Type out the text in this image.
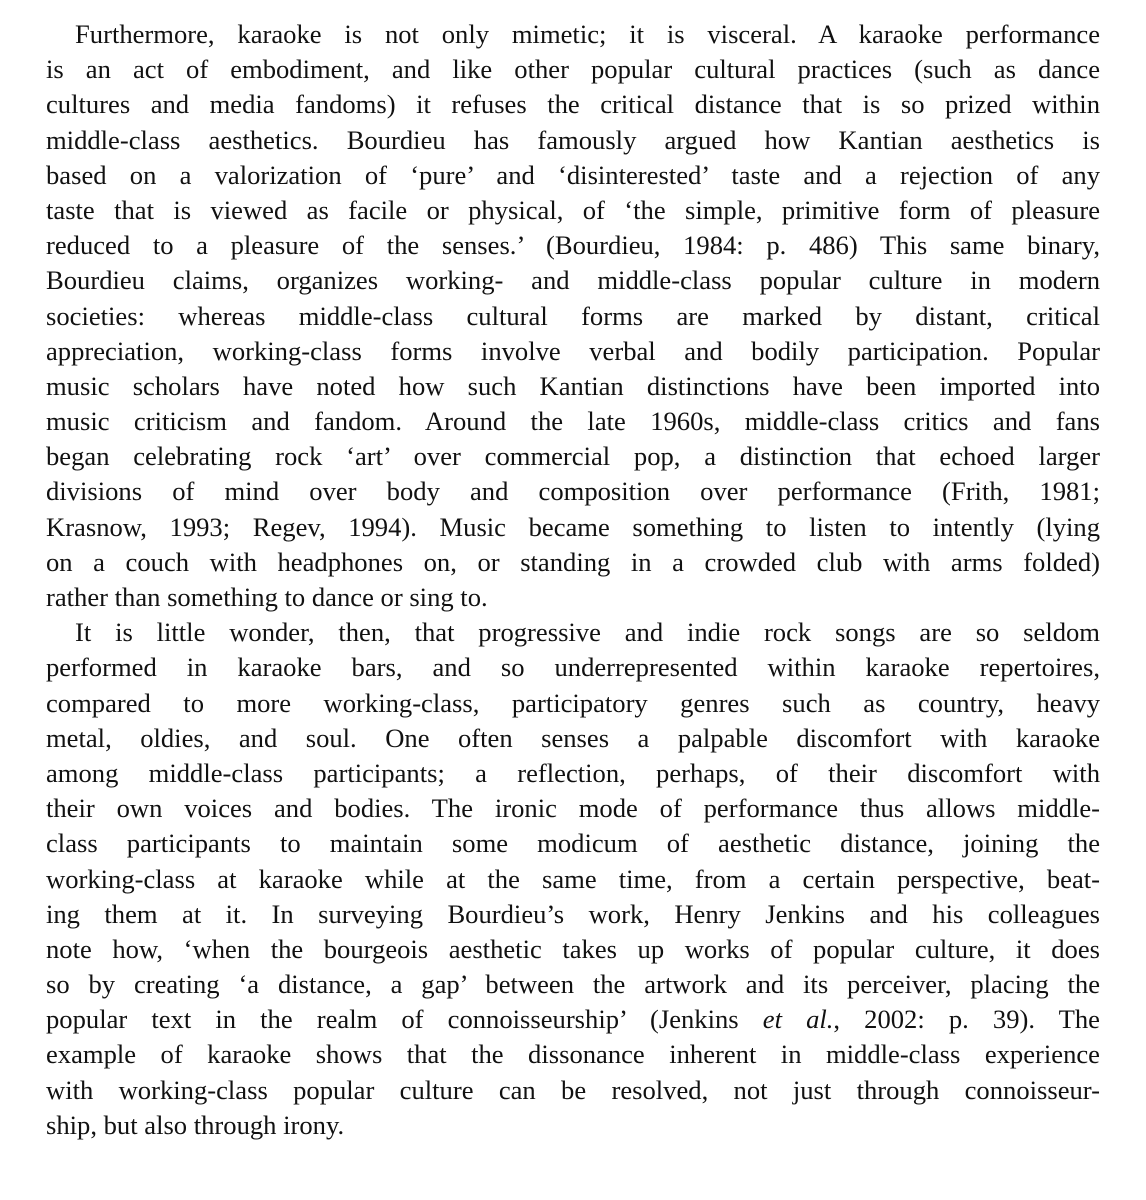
Furthermore, karaoke is not only mimetic; it is visceral. A karaoke performance
is an act of embodiment, and like other popular cultural practices (such as dance
cultures and media fandoms) it refuses the critical distance that is so prized within
middle-class aesthetics. Bourdieu has famously argued how Kantian aesthetics is
based on a valorization of ‘pure’ and ‘disinterested’ taste and a rejection of any
taste that is viewed as facile or physical, of ‘the simple, primitive form of pleasure
reduced to a pleasure of the senses.’ (Bourdieu, 1984: p. 486) This same binary,
Bourdieu claims, organizes working- and middle-class popular culture in modern
societies: whereas middle-class cultural forms are marked by distant, critical
appreciation, working-class forms involve verbal and bodily participation. Popular
music scholars have noted how such Kantian distinctions have been imported into
music criticism and fandom. Around the late 1960s, middle-class critics and fans
began celebrating rock ‘art’ over commercial pop, a distinction that echoed larger
divisions of mind over body and composition over performance (Frith, 1981;
Krasnow, 1993; Regev, 1994). Music became something to listen to intently (lying
on a couch with headphones on, or standing in a crowded club with arms folded)
rather than something to dance or sing to.
It is little wonder, then, that progressive and indie rock songs are so seldom
performed in karaoke bars, and so underrepresented within karaoke repertoires,
compared to more working-class, participatory genres such as country, heavy
metal, oldies, and soul. One often senses a palpable discomfort with karaoke
among middle-class participants; a reflection, perhaps, of their discomfort with
their own voices and bodies. The ironic mode of performance thus allows middle-
class participants to maintain some modicum of aesthetic distance, joining the
working-class at karaoke while at the same time, from a certain perspective, beat-
ing them at it. In surveying Bourdieu’s work, Henry Jenkins and his colleagues
note how, ‘when the bourgeois aesthetic takes up works of popular culture, it does
so by creating ‘a distance, a gap’ between the artwork and its perceiver, placing the
popular text in the realm of connoisseurship’ (Jenkins et al., 2002: p. 39). The
example of karaoke shows that the dissonance inherent in middle-class experience
with working-class popular culture can be resolved, not just through connoisseur-
ship, but also through irony.
